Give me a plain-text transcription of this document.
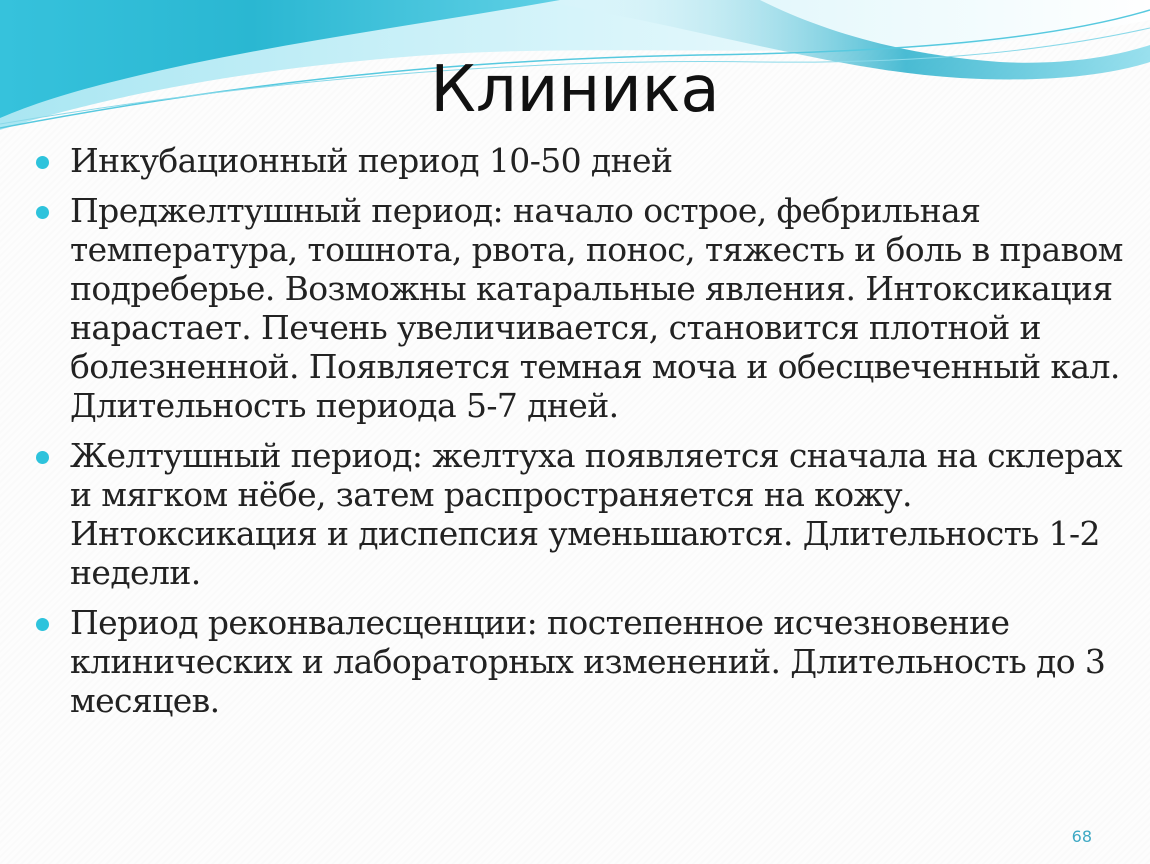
Клиника
Инкубационный период 10-50 дней
Преджелтушный период: начало острое, фебрильная температура, тошнота, рвота, понос, тяжесть и боль в правом подреберье. Возможны катаральные явления. Интоксикация нарастает. Печень увеличивается, становится плотной и болезненной. Появляется темная моча и обесцвеченный кал. Длительность периода 5-7 дней.
Желтушный период: желтуха появляется сначала на склерах и мягком нёбе, затем распространяется на кожу. Интоксикация и диспепсия уменьшаются. Длительность 1-2 недели.
Период реконвалесценции: постепенное исчезновение клинических и лабораторных изменений. Длительность до 3 месяцев.
68
